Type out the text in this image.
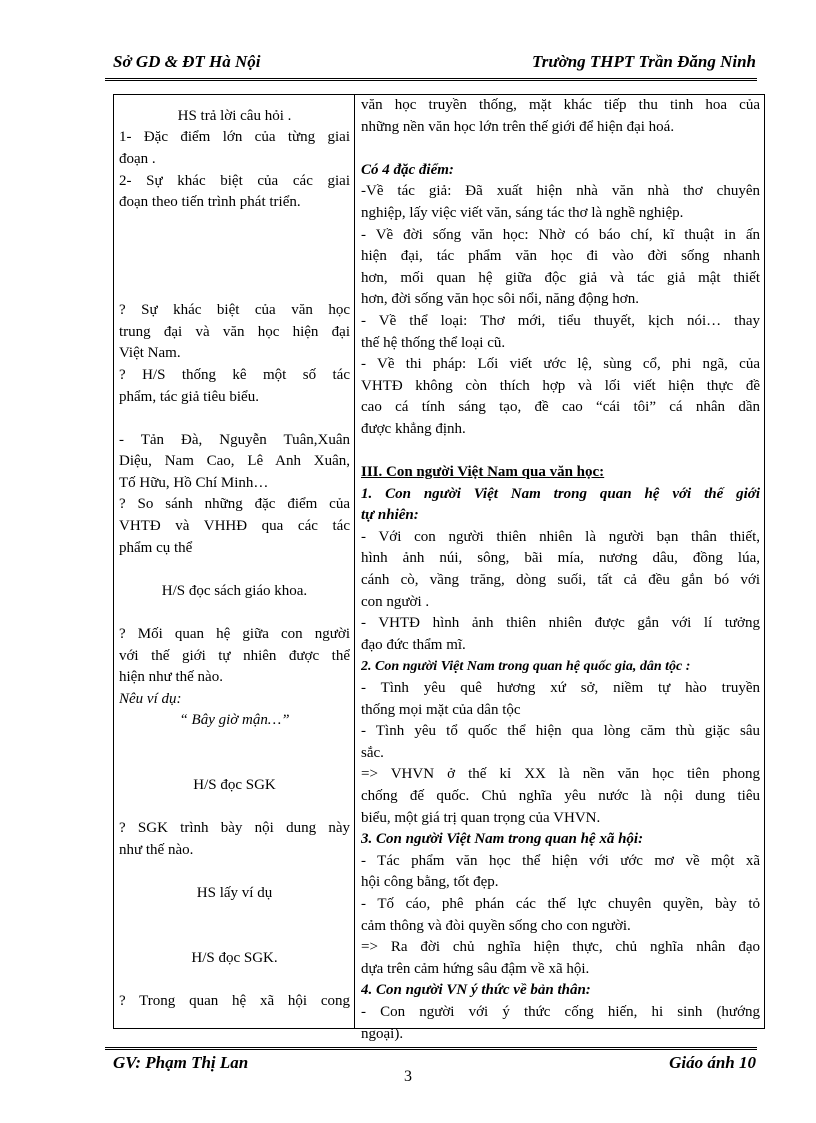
Sở GD & ĐT Hà Nội	Trường THPT Trần Đăng Ninh
HS trả lời câu hỏi .
1- Đặc điểm lớn của từng giai
đoạn .
2- Sự khác biệt của các giai
đoạn theo tiến trình phát triển.
? Sự khác biệt của văn học
trung đại và văn học hiện đại
Việt Nam.
? H/S thống kê một số tác
phẩm, tác giả tiêu biểu.
- Tản Đà, Nguyễn Tuân,Xuân
Diệu, Nam Cao, Lê Anh Xuân,
Tố Hữu, Hồ Chí Minh…
? So sánh những đặc điểm của
VHTĐ và VHHĐ qua các tác
phẩm cụ thể
H/S đọc sách giáo khoa.
? Mối quan hệ giữa con người
với thế giới tự nhiên được thể
hiện như thế nào.
Nêu ví dụ:
“ Bây giờ mận…”
H/S đọc SGK
? SGK trình bày nội dung này
như thế nào.
HS lấy ví dụ
H/S đọc SGK.
? Trong quan hệ xã hội cong
văn học truyền thống, mặt khác tiếp thu tinh hoa của
những nền văn học lớn trên thế giới để hiện đại hoá.
Có 4 đặc điểm:
-Về tác giả: Đã xuất hiện nhà văn nhà thơ chuyên
nghiệp, lấy việc viết văn, sáng tác thơ là nghề nghiệp.
- Về đời sống văn học: Nhờ có báo chí, kĩ thuật in ấn
hiện đại, tác phẩm văn học đi vào đời sống nhanh
hơn, mối quan hệ giữa độc giả và tác giả mật thiết
hơn, đời sống văn học sôi nổi, năng động hơn.
- Về thể loại: Thơ mới, tiểu thuyết, kịch nói… thay
thế hệ thống thể loại cũ.
- Về thi pháp: Lối viết ước lệ, sùng cổ, phi ngã, của
VHTĐ không còn thích hợp và lối viết hiện thực đề
cao cá tính sáng tạo, đề cao “cái tôi” cá nhân dần
được khẳng định.
III. Con người Việt Nam qua văn học:
1. Con người Việt Nam trong quan hệ với thế giới
tự nhiên:
- Với con người thiên nhiên là người bạn thân thiết,
hình ảnh núi, sông, bãi mía, nương dâu, đồng lúa,
cánh cò, vầng trăng, dòng suối, tất cả đều gắn bó với
con người .
- VHTĐ hình ảnh thiên nhiên được gắn với lí tưởng
đạo đức thẩm mĩ.
2. Con người Việt Nam trong quan hệ quốc gia, dân tộc :
- Tình yêu quê hương xứ sở, niềm tự hào truyền
thống mọi mặt của dân tộc
- Tình yêu tổ quốc thể hiện qua lòng căm thù giặc sâu
sắc.
=> VHVN ở thế kỉ XX là nền văn học tiên phong
chống đế quốc. Chủ nghĩa yêu nước là nội dung tiêu
biểu, một giá trị quan trọng của VHVN.
3. Con người Việt Nam trong quan hệ xã hội:
- Tác phẩm văn học thể hiện với ước mơ về một xã
hội công bằng, tốt đẹp.
- Tố cáo, phê phán các thế lực chuyên quyền, bày tỏ
cảm thông và đòi quyền sống cho con người.
=> Ra đời chủ nghĩa hiện thực, chủ nghĩa nhân đạo
dựa trên cảm hứng sâu đậm về xã hội.
4. Con người VN ý thức về bản thân:
- Con người với ý thức cống hiến, hi sinh (hướng
ngoại).
GV: Phạm Thị Lan	Giáo ánh 10
3
